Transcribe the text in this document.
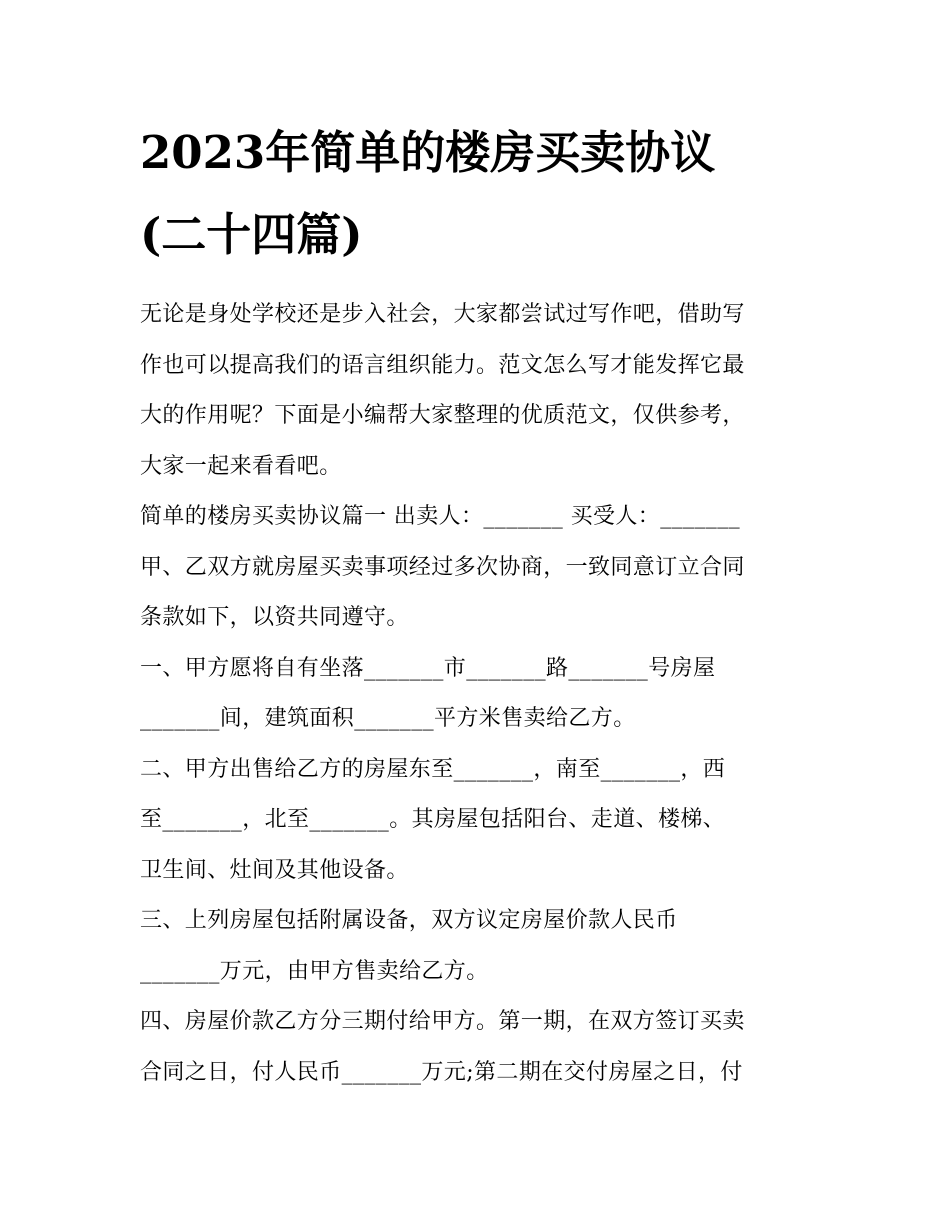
2023年简单的楼房买卖协议
(二十四篇)
无论是身处学校还是步入社会，大家都尝试过写作吧，借助写
作也可以提高我们的语言组织能力。范文怎么写才能发挥它最
大的作用呢？下面是小编帮大家整理的优质范文，仅供参考，
大家一起来看看吧。
简单的楼房买卖协议篇一 出卖人：_______ 买受人：_______
甲、乙双方就房屋买卖事项经过多次协商，一致同意订立合同
条款如下，以资共同遵守。
一、甲方愿将自有坐落_______市_______路_______号房屋
_______间，建筑面积_______平方米售卖给乙方。
二、甲方出售给乙方的房屋东至_______，南至_______，西
至_______，北至_______。其房屋包括阳台、走道、楼梯、
卫生间、灶间及其他设备。
三、上列房屋包括附属设备，双方议定房屋价款人民币
_______万元，由甲方售卖给乙方。
四、房屋价款乙方分三期付给甲方。第一期，在双方签订买卖
合同之日，付人民币_______万元;第二期在交付房屋之日，付
